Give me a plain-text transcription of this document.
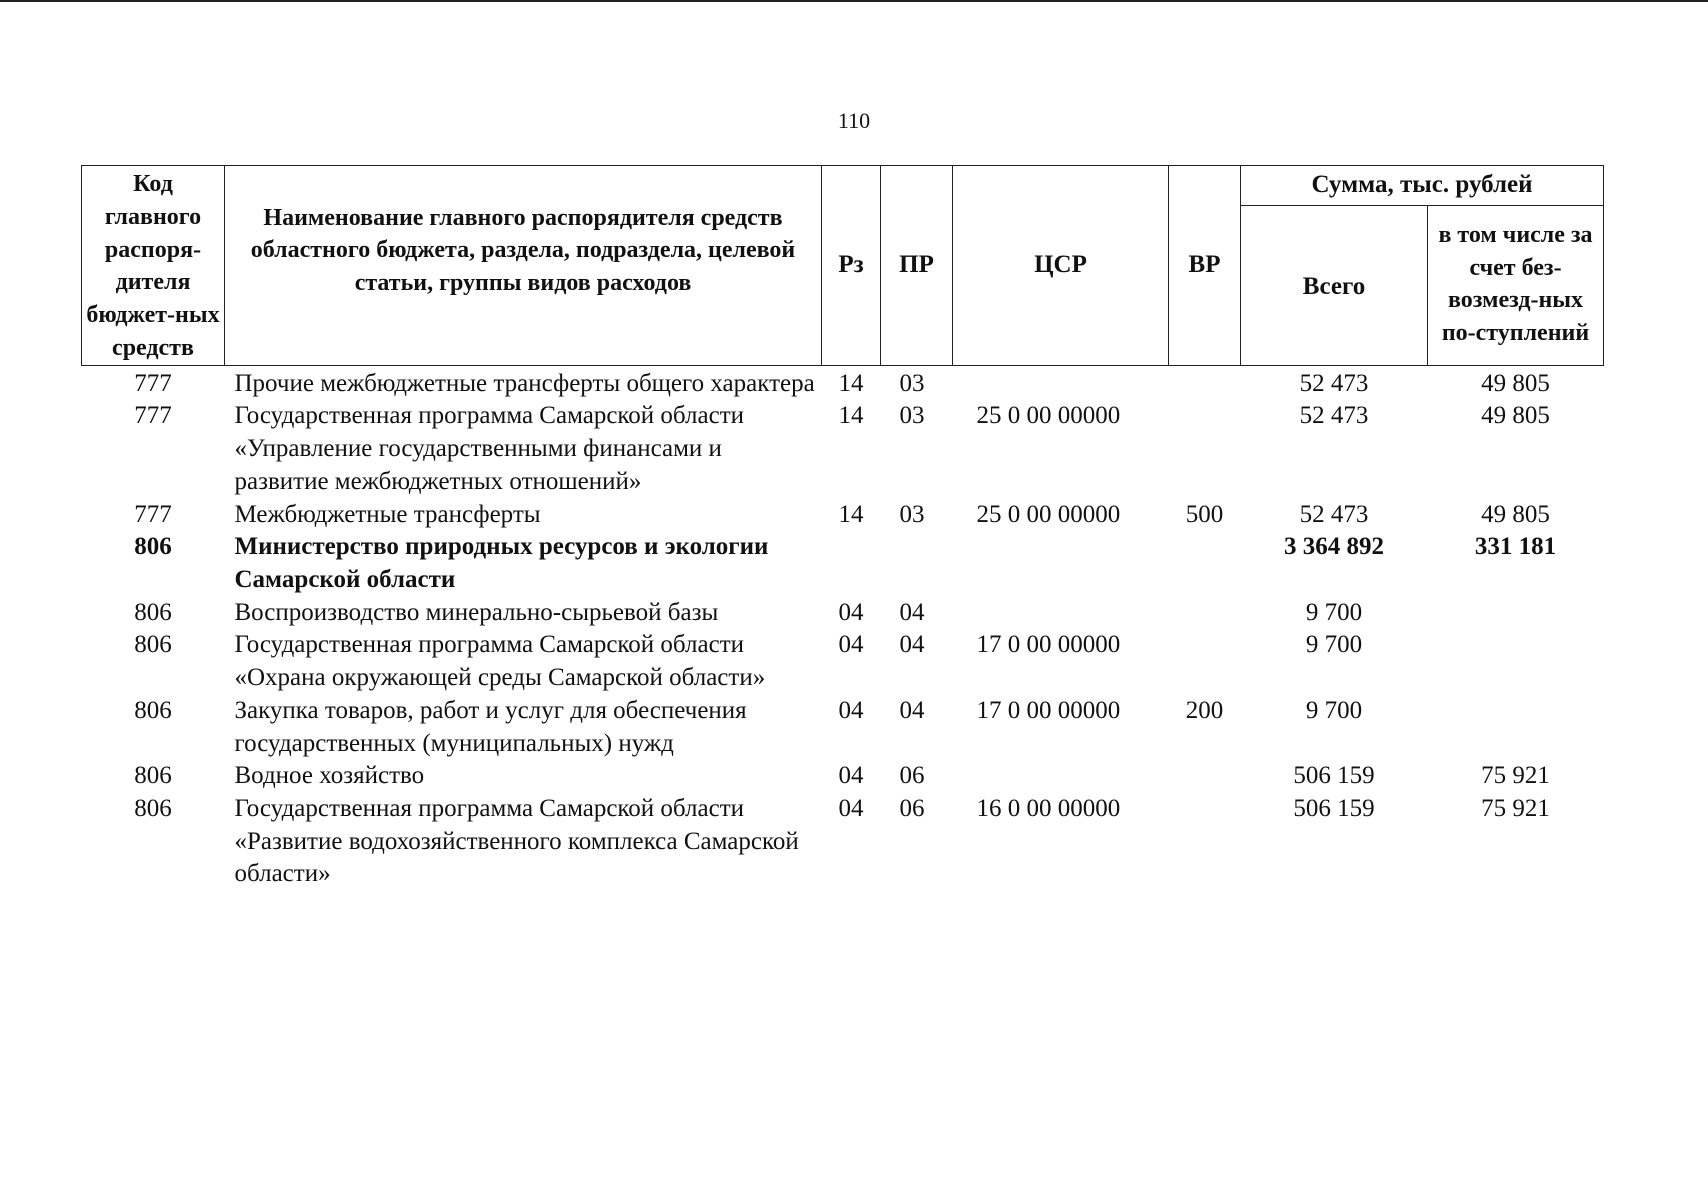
110
Код главного распоря-дителя бюджет-ных средств	Наименование главного распорядителя средств областного бюджета, раздела, подраздела, целевой статьи, группы видов расходов	Рз	ПР	ЦСР	ВР	Сумма, тыс. рублей	
						Всего	в том числе за счет без-возмезд-ных по-ступлений
777	Прочие межбюджетные трансферты общего характера	14	03			52 473	49 805
777	Государственная программа Самарской области «Управление государственными финансами и развитие межбюджетных отношений»	14	03	25 0 00 00000		52 473	49 805
777	Межбюджетные трансферты	14	03	25 0 00 00000	500	52 473	49 805
806	Министерство природных ресурсов и экологии Самарской области					3 364 892	331 181
806	Воспроизводство минерально-сырьевой базы	04	04			9 700	
806	Государственная программа Самарской области «Охрана окружающей среды Самарской области»	04	04	17 0 00 00000		9 700	
806	Закупка товаров, работ и услуг для обеспечения государственных (муниципальных) нужд	04	04	17 0 00 00000	200	9 700	
806	Водное хозяйство	04	06			506 159	75 921
806	Государственная программа Самарской области «Развитие водохозяйственного комплекса Самарской области»	04	06	16 0 00 00000		506 159	75 921
